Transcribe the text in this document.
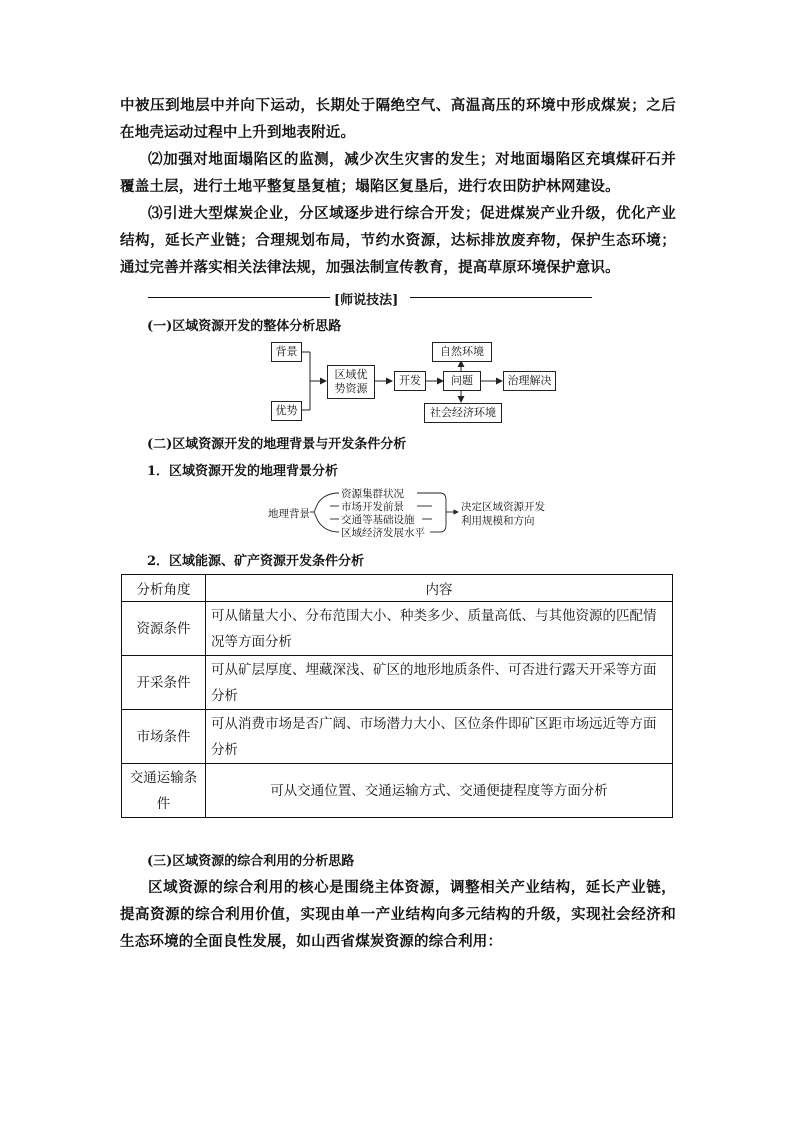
中被压到地层中并向下运动，长期处于隔绝空气、高温高压的环境中形成煤炭；之后在地壳运动过程中上升到地表附近。
⑵加强对地面塌陷区的监测，减少次生灾害的发生；对地面塌陷区充填煤矸石并覆盖土层，进行土地平整复垦复植；塌陷区复垦后，进行农田防护林网建设。
⑶引进大型煤炭企业，分区域逐步进行综合开发；促进煤炭产业升级，优化产业结构，延长产业链；合理规划布局，节约水资源，达标排放废弃物，保护生态环境；通过完善并落实相关法律法规，加强法制宣传教育，提高草原环境保护意识。
[师说技法]
(一)区域资源开发的整体分析思路
背景
优势
区域优势资源
开发	问题
自然环境
社会经济环境
治理解决
(二)区域资源开发的地理背景与开发条件分析
1．区域资源开发的地理背景分析
地理背景
资源集群状况
市场开发前景
交通等基础设施
区域经济发展水平
决定区域资源开发
利用规模和方向
2．区域能源、矿产资源开发条件分析
分析角度	内容
资源条件	可从储量大小、分布范围大小、种类多少、质量高低、与其他资源的匹配情况等方面分析
开采条件	可从矿层厚度、埋藏深浅、矿区的地形地质条件、可否进行露天开采等方面分析
市场条件	可从消费市场是否广阔、市场潜力大小、区位条件即矿区距市场远近等方面分析
交通运输条件	可从交通位置、交通运输方式、交通便捷程度等方面分析
(三)区域资源的综合利用的分析思路
区域资源的综合利用的核心是围绕主体资源，调整相关产业结构，延长产业链，提高资源的综合利用价值，实现由单一产业结构向多元结构的升级，实现社会经济和生态环境的全面良性发展，如山西省煤炭资源的综合利用：
